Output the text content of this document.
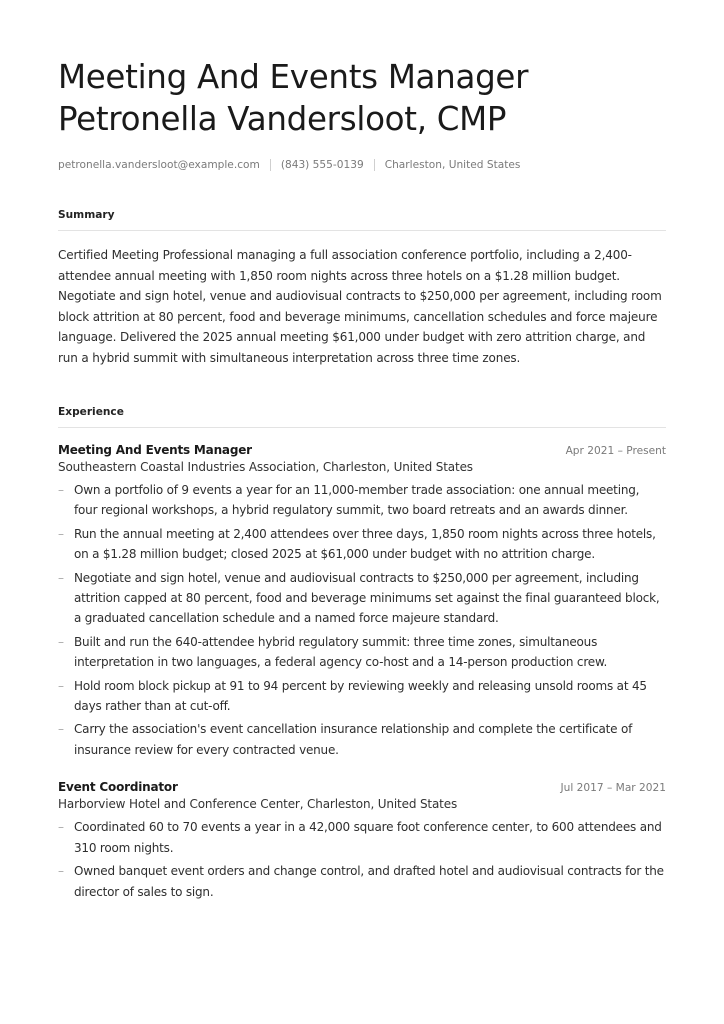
Meeting And Events Manager
Petronella Vandersloot, CMP
petronella.vandersloot@example.com (843) 555-0139 Charleston, United States
Summary

Certified Meeting Professional managing a full association conference portfolio, including a 2,400-attendee annual meeting with 1,850 room nights across three hotels on a $1.28 million budget. Negotiate and sign hotel, venue and audiovisual contracts to $250,000 per agreement, including room block attrition at 80 percent, food and beverage minimums, cancellation schedules and force majeure language. Delivered the 2025 annual meeting $61,000 under budget with zero attrition charge, and run a hybrid summit with simultaneous interpretation across three time zones.

Experience
Meeting And Events Manager	Apr 2021 – Present
Southeastern Coastal Industries Association, Charleston, United States
– Own a portfolio of 9 events a year for an 11,000-member trade association: one annual meeting, four regional workshops, a hybrid regulatory summit, two board retreats and an awards dinner.
– Run the annual meeting at 2,400 attendees over three days, 1,850 room nights across three hotels, on a $1.28 million budget; closed 2025 at $61,000 under budget with no attrition charge.
– Negotiate and sign hotel, venue and audiovisual contracts to $250,000 per agreement, including attrition capped at 80 percent, food and beverage minimums set against the final guaranteed block, a graduated cancellation schedule and a named force majeure standard.
– Built and run the 640-attendee hybrid regulatory summit: three time zones, simultaneous interpretation in two languages, a federal agency co-host and a 14-person production crew.
– Hold room block pickup at 91 to 94 percent by reviewing weekly and releasing unsold rooms at 45 days rather than at cut-off.
– Carry the association's event cancellation insurance relationship and complete the certificate of insurance review for every contracted venue.
Event Coordinator	Jul 2017 – Mar 2021
Harborview Hotel and Conference Center, Charleston, United States
– Coordinated 60 to 70 events a year in a 42,000 square foot conference center, to 600 attendees and 310 room nights.
– Owned banquet event orders and change control, and drafted hotel and audiovisual contracts for the director of sales to sign.
